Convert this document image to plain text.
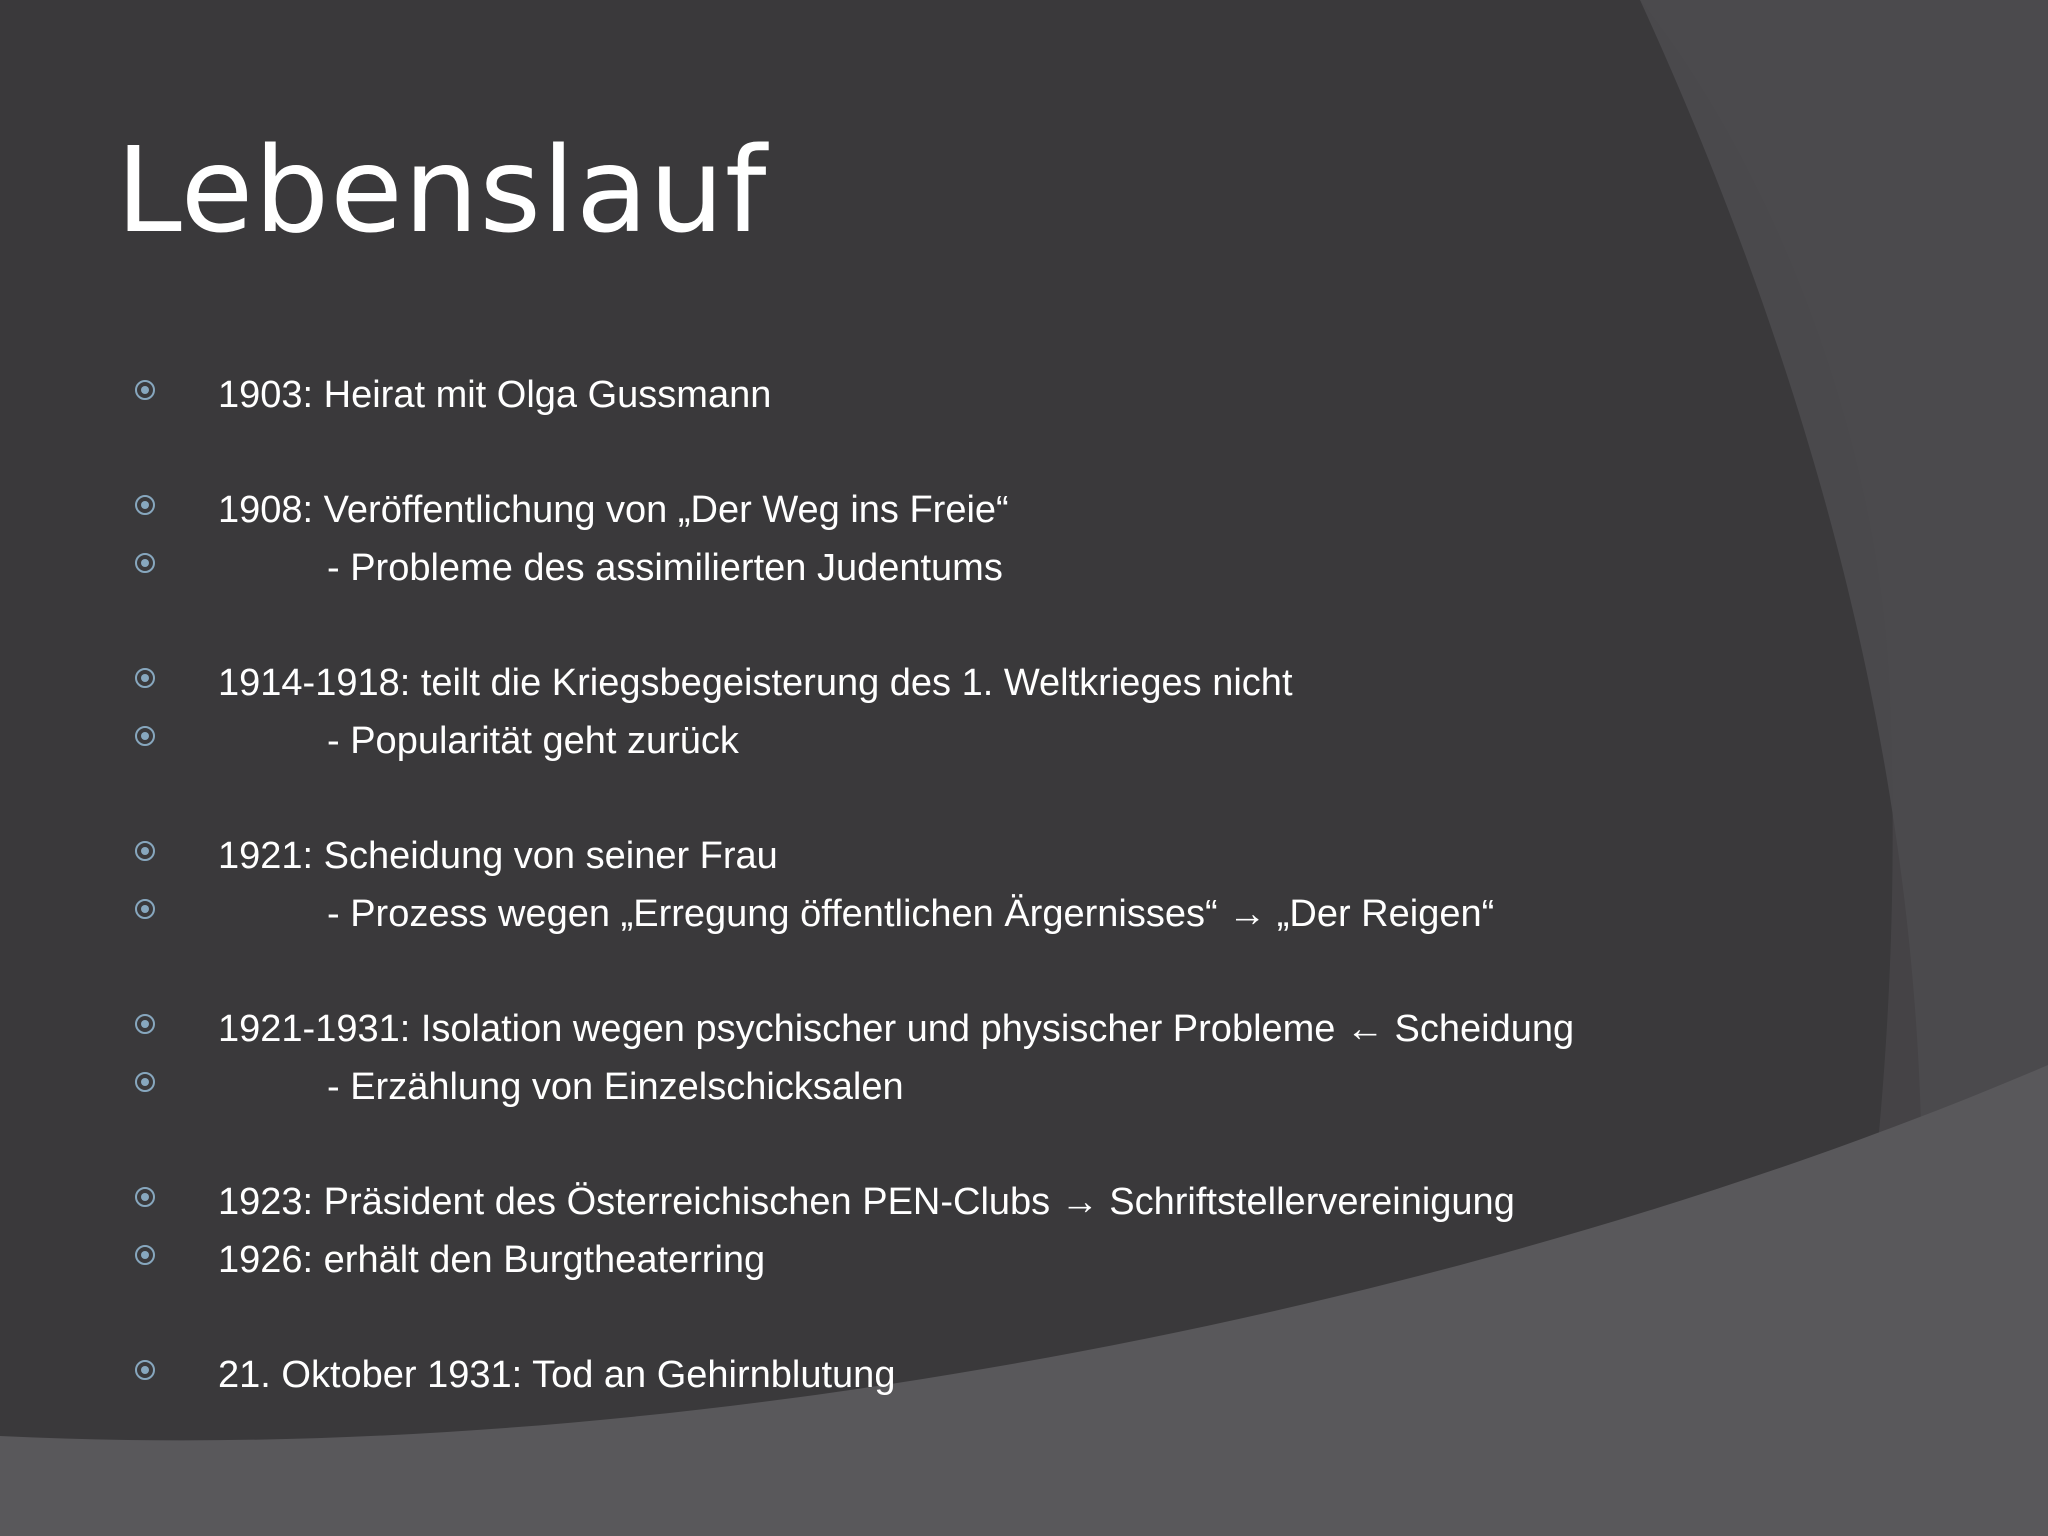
Lebenslauf
1903: Heirat mit Olga Gussmann
1908: Veröffentlichung von „Der Weg ins Freie“
- Probleme des assimilierten Judentums
1914-1918: teilt die Kriegsbegeisterung des 1. Weltkrieges nicht
- Popularität geht zurück
1921: Scheidung von seiner Frau
- Prozess wegen „Erregung öffentlichen Ärgernisses“ → „Der Reigen“
1921-1931: Isolation wegen psychischer und physischer Probleme ← Scheidung
- Erzählung von Einzelschicksalen
1923: Präsident des Österreichischen PEN-Clubs → Schriftstellervereinigung
1926: erhält den Burgtheaterring
21. Oktober 1931: Tod an Gehirnblutung
